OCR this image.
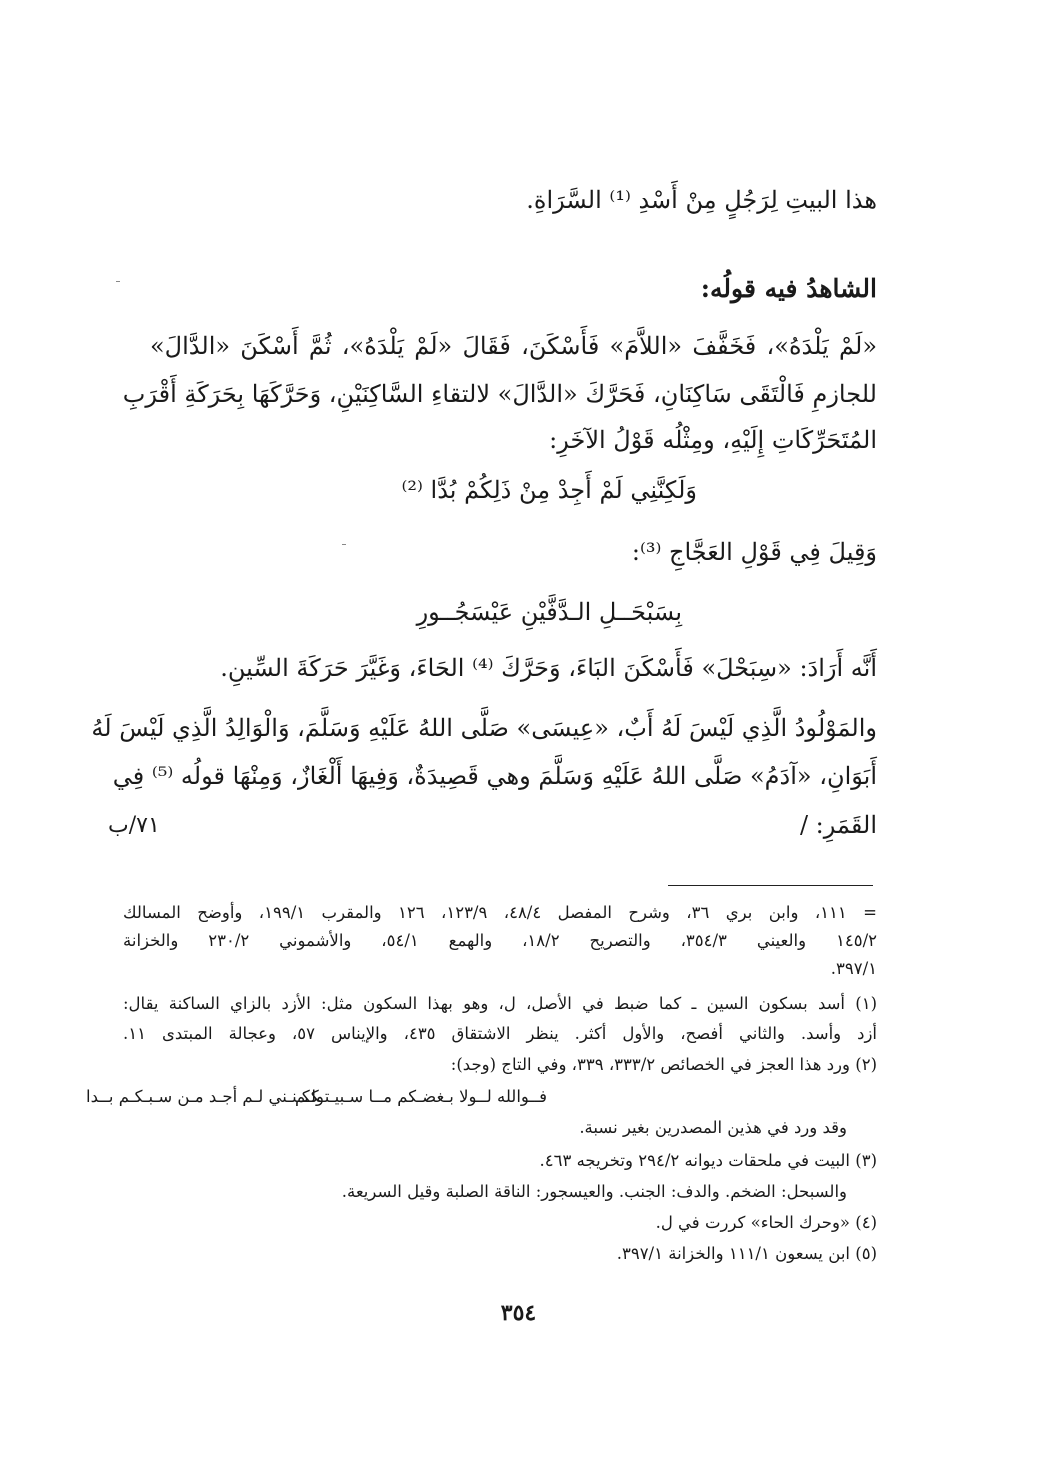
هذا البيتِ لِرَجُلٍ مِنْ أَسْدِ ⁽¹⁾ السَّرَاةِ.
الشاهدُ فيه قولُه:
«لَمْ يَلْدَهُ»، فَخَفَّفَ «اللاَّمَ» فَأَسْكَنَ، فَقَالَ «لَمْ يَلْدَهُ»، ثُمَّ أَسْكَنَ «الدَّالَ»
للجازمِ فَالْتَقَى سَاكِنَانِ، فَحَرَّكَ «الدَّالَ» لالتقاءِ السَّاكِنَيْنِ، وَحَرَّكَهَا بِحَرَكَةِ أَقْرَبِ
المُتَحَرِّكَاتِ إِلَيْهِ، ومِثْلُه قَوْلُ الآخَرِ:
وَلَكِنَّنِي لَمْ أَجِدْ مِنْ ذَلِكُمْ بُدَّا ⁽²⁾
وَقِيلَ فِي قَوْلِ العَجَّاجِ ⁽³⁾:
بِسَبْحَــلِ الـدَّفَّيْنِ عَيْسَجُــورِ
أَنَّه أَرَادَ: «سِبَحْلَ» فَأَسْكَنَ البَاءَ، وَحَرَّكَ ⁽⁴⁾ الحَاءَ، وَغَيَّرَ حَرَكَةَ السِّينِ.
والمَوْلُودُ الَّذِي لَيْسَ لَهُ أَبٌ، «عِيسَى» صَلَّى اللهُ عَلَيْهِ وَسَلَّمَ، وَالْوَالِدُ الَّذِي لَيْسَ لَهُ
أَبَوَانِ، «آدَمُ» صَلَّى اللهُ عَلَيْهِ وَسَلَّمَ وهي قَصِيدَةٌ، وَفِيهَا أَلْغَازٌ، وَمِنْهَا قولُه ⁽⁵⁾ فِي
القَمَرِ: /
٧١/ب
= ١١١، وابن بري ٣٦، وشرح المفصل ٤٨/٤، ١٢٣/٩، ١٢٦ والمقرب ١٩٩/١، وأوضح المسالك
١٤٥/٢ والعيني ٣٥٤/٣، والتصريح ١٨/٢، والهمع ٥٤/١، والأشموني ٢٣٠/٢ والخزانة
٣٩٧/١.
(١) أسد بسكون السين ـ كما ضبط في الأصل، ل، وهو بهذا السكون مثل: الأزد بالزاي الساكنة يقال:
أزد وأسد. والثاني أفصح، والأول أكثر. ينظر الاشتقاق ٤٣٥، والإيناس ٥٧، وعجالة المبتدى ١١.
(٢) ورد هذا العجز في الخصائص ٣٣٣/٢، ٣٣٩، وفي التاج (وجد):
فــوالله لــولا بـغضـكم مــا سـبيـتـكـم
ولكـنـني لـم أجـد مـن سـبـكـم بــدا
وقد ورد في هذين المصدرين بغير نسبة.
(٣) البيت في ملحقات ديوانه ٢٩٤/٢ وتخريجه ٤٦٣.
والسبحل: الضخم. والدف: الجنب. والعيسجور: الناقة الصلبة وقيل السريعة.
(٤) «وحرك الحاء» كررت في ل.
(٥) ابن يسعون ١١١/١ والخزانة ٣٩٧/١.
٣٥٤
